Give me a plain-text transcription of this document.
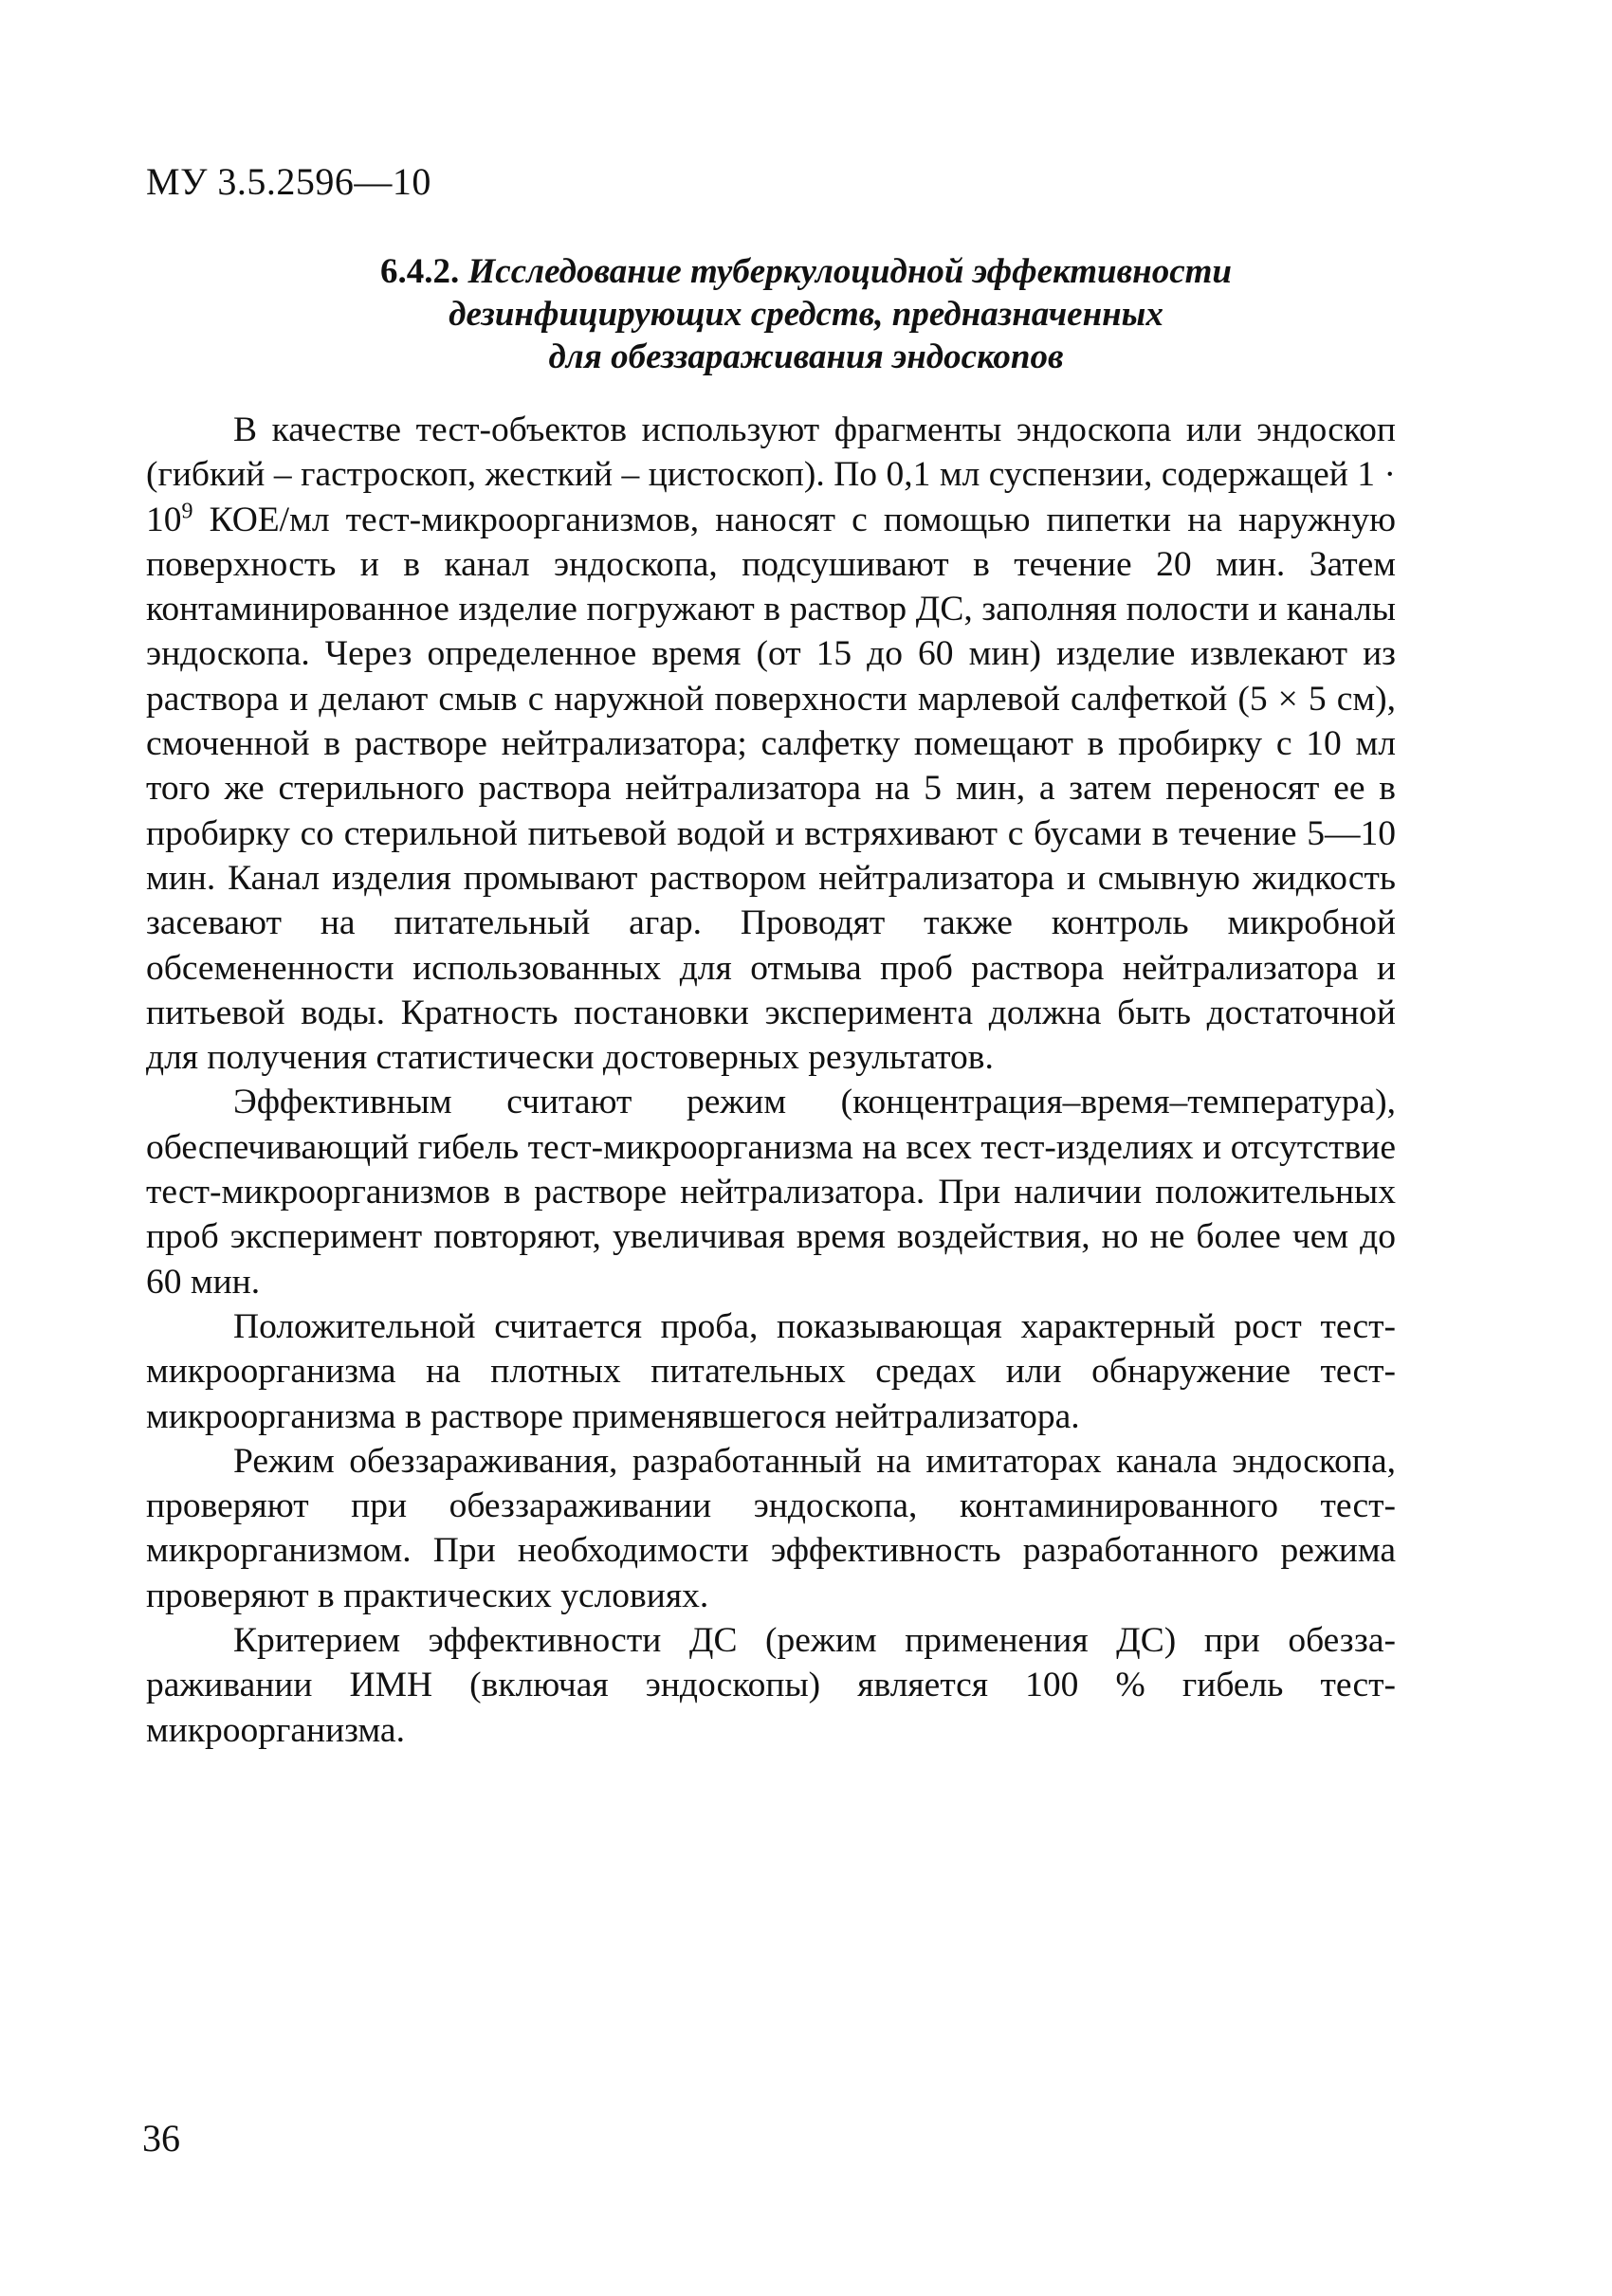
МУ 3.5.2596—10
6.4.2. Исследование туберкулоцидной эффективности
дезинфицирующих средств, предназначенных
для обеззараживания эндоскопов

В качестве тест-объектов используют фрагменты эндоскопа или эндоскоп (гибкий – гастроскоп, жесткий – цистоскоп). По 0,1 мл суспензии, содержащей $1 \cdot 10^9$ КОЕ/мл тест-микроорганизмов, наносят с помощью пипетки на наружную поверхность и в канал эндоскопа, подсушивают в течение 20 мин. Затем контаминированное изделие погружают в раствор ДС, заполняя полости и каналы эндоскопа. Через определенное время (от 15 до 60 мин) изделие извлекают из раствора и делают смыв с наружной поверхности марлевой салфеткой (5 × 5 см), смоченной в растворе нейтрализатора; салфетку помещают в пробирку с 10 мл того же стерильного раствора нейтрализатора на 5 мин, а затем переносят ее в пробирку со стерильной питьевой водой и встряхивают с бусами в течение 5—10 мин. Канал изделия промывают раствором нейтрализатора и смывную жидкость засевают на питательный агар. Проводят также контроль микробной обсемененности использованных для отмыва проб раствора нейтрализатора и питьевой воды. Кратность постановки эксперимента должна быть достаточной для получения статистически достоверных результатов.

Эффективным считают режим (концентрация–время–температура), обеспечивающий гибель тест-микроорганизма на всех тест-изделиях и отсутствие тест-микроорганизмов в растворе нейтрализатора. При наличии положительных проб эксперимент повторяют, увеличивая время воздействия, но не более чем до 60 мин.

Положительной считается проба, показывающая характерный рост тест-микроорганизма на плотных питательных средах или обнаружение тест-микроорганизма в растворе применявшегося нейтрализатора.

Режим обеззараживания, разработанный на имитаторах канала эндоскопа, проверяют при обеззараживании эндоскопа, контаминированного тест-микрорганизмом. При необходимости эффективность разработанного режима проверяют в практических условиях.

Критерием эффективности ДС (режим применения ДС) при обеззараживании ИМН (включая эндоскопы) является 100 % гибель тестмикроорганизма.

36
